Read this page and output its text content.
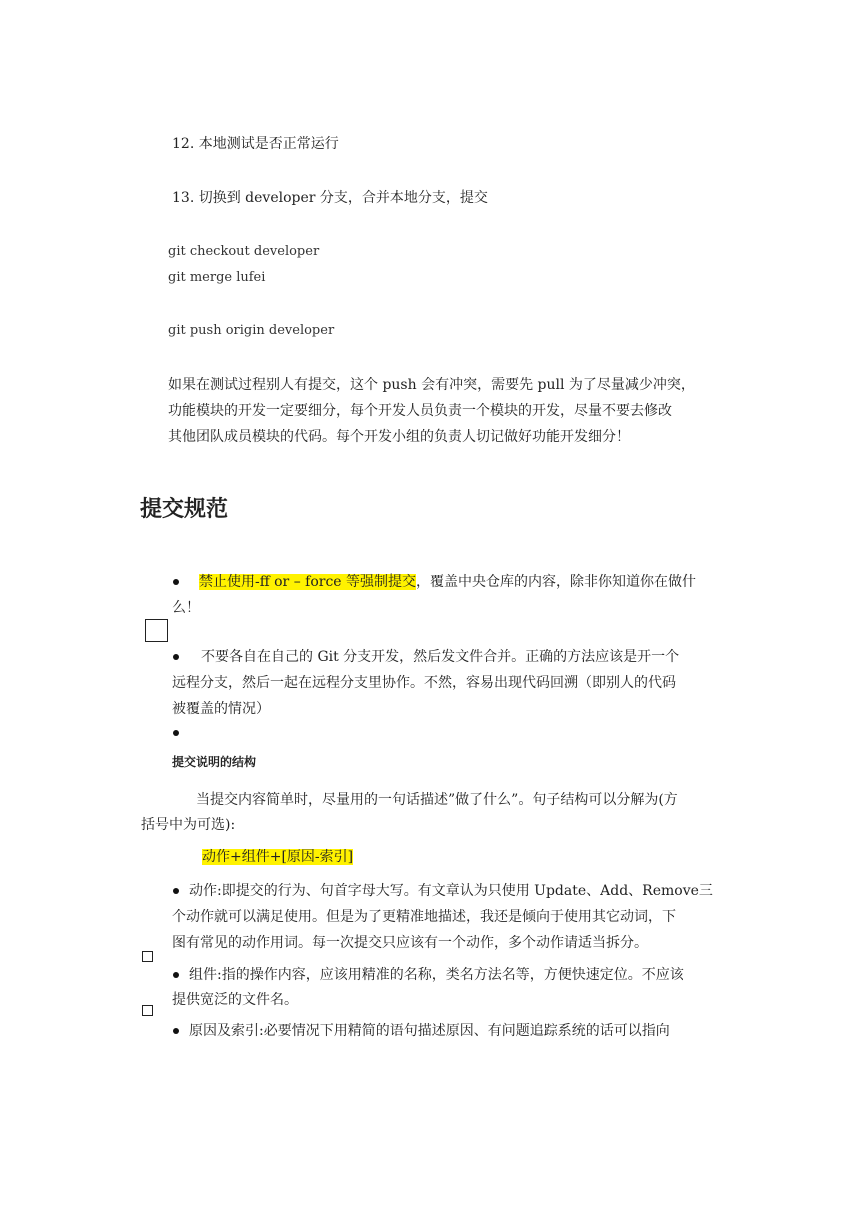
12. 本地测试是否正常运行
13. 切换到 developer 分支，合并本地分支，提交
git checkout developer
git merge lufei
git push origin developer
如果在测试过程别人有提交，这个 push 会有冲突，需要先 pull 为了尽量减少冲突，
功能模块的开发一定要细分，每个开发人员负责一个模块的开发，尽量不要去修改
其他团队成员模块的代码。每个开发小组的负责人切记做好功能开发细分！
提交规范
禁止使用-ff or – force 等强制提交，覆盖中央仓库的内容，除非你知道你在做什
么！
不要各自在自己的 Git 分支开发，然后发文件合并。正确的方法应该是开一个
远程分支，然后一起在远程分支里协作。不然，容易出现代码回溯（即别人的代码
被覆盖的情况）
提交说明的结构
当提交内容简单时，尽量用的一句话描述”做了什么”。句子结构可以分解为(方
括号中为可选):
动作+组件+[原因-索引]
动作:即提交的行为、句首字母大写。有文章认为只使用 Update、Add、Remove三
个动作就可以满足使用。但是为了更精准地描述，我还是倾向于使用其它动词，下
图有常见的动作用词。每一次提交只应该有一个动作，多个动作请适当拆分。
组件:指的操作内容，应该用精准的名称，类名方法名等，方便快速定位。不应该
提供宽泛的文件名。
原因及索引:必要情况下用精简的语句描述原因、有问题追踪系统的话可以指向
